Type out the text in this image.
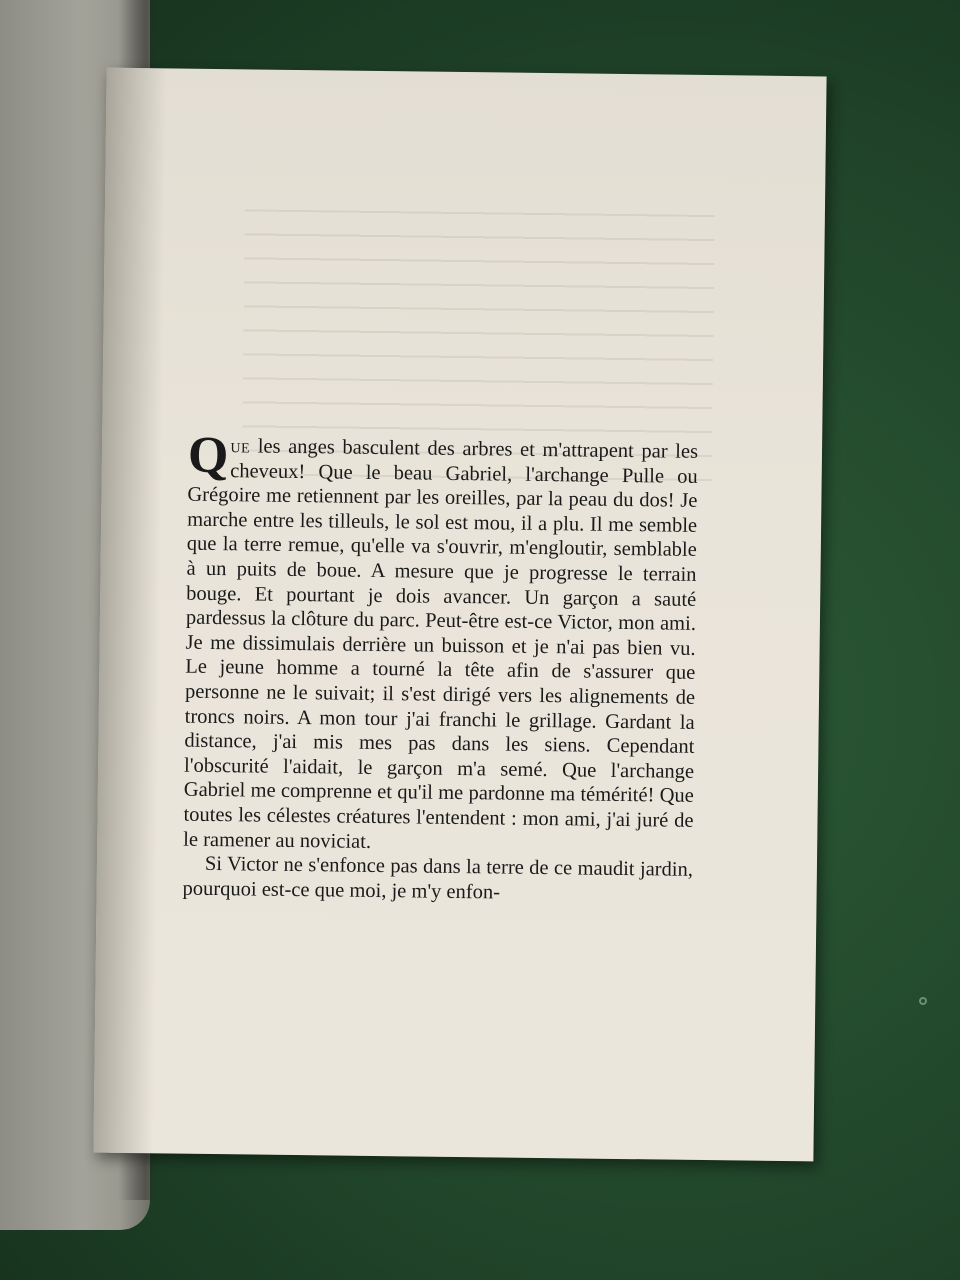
Que les anges basculent des arbres et m'attrapent par les cheveux! Que le beau Gabriel, l'archange Pulle ou Grégoire me retiennent par les oreilles, par la peau du dos! Je marche entre les tilleuls, le sol est mou, il a plu. Il me semble que la terre remue, qu'elle va s'ouvrir, m'engloutir, semblable à un puits de boue. A mesure que je progresse le terrain bouge. Et pourtant je dois avancer. Un garçon a sauté pardessus la clôture du parc. Peut-être est-ce Victor, mon ami. Je me dissimulais derrière un buisson et je n'ai pas bien vu. Le jeune homme a tourné la tête afin de s'assurer que personne ne le suivait; il s'est dirigé vers les alignements de troncs noirs. A mon tour j'ai franchi le grillage. Gardant la distance, j'ai mis mes pas dans les siens. Cependant l'obscurité l'aidait, le garçon m'a semé. Que l'archange Gabriel me comprenne et qu'il me pardonne ma témérité! Que toutes les célestes créatures l'entendent : mon ami, j'ai juré de le ramener au noviciat.

Si Victor ne s'enfonce pas dans la terre de ce maudit jardin, pourquoi est-ce que moi, je m'y enfon-
